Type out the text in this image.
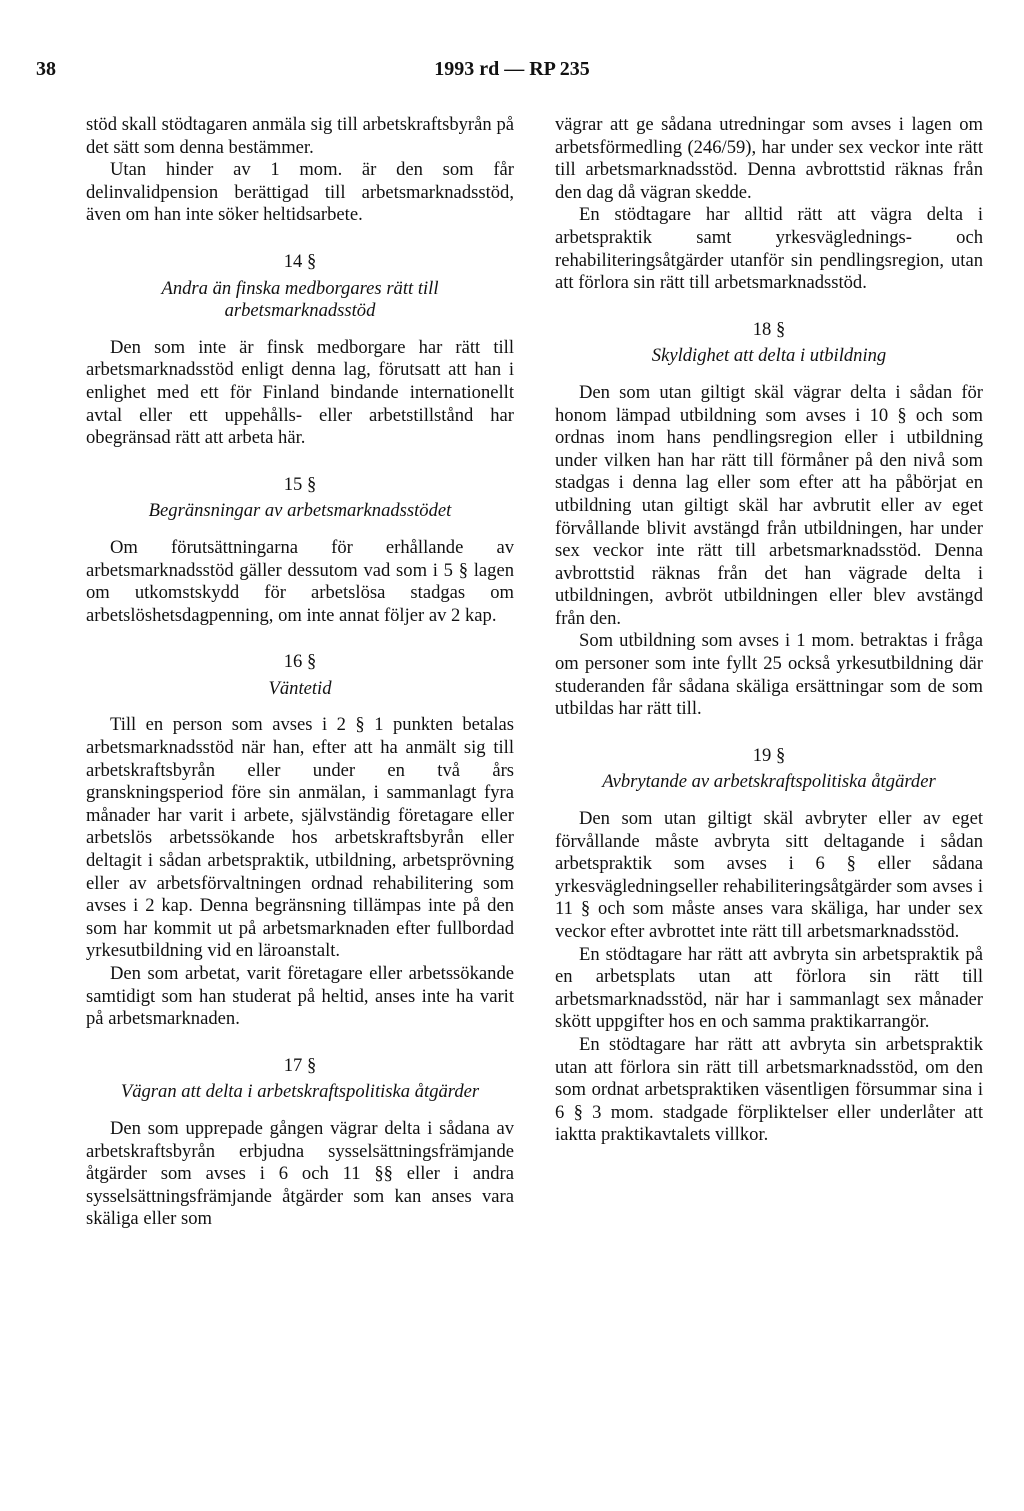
38	1993 rd — RP 235

stöd skall stödtagaren anmäla sig till arbetskraftsbyrån på det sätt som denna bestämmer.

Utan hinder av 1 mom. är den som får delinvalidpension berättigad till arbetsmarknadsstöd, även om han inte söker heltidsarbete.

14 §
Andra än finska medborgares rätt till arbetsmarknadsstöd

Den som inte är finsk medborgare har rätt till arbetsmarknadsstöd enligt denna lag, förutsatt att han i enlighet med ett för Finland bindande internationellt avtal eller ett uppehålls- eller arbetstillstånd har obegränsad rätt att arbeta här.

15 §
Begränsningar av arbetsmarknadsstödet

Om förutsättningarna för erhållande av arbetsmarknadsstöd gäller dessutom vad som i 5 § lagen om utkomstskydd för arbetslösa stadgas om arbetslöshetsdagpenning, om inte annat följer av 2 kap.

16 §
Väntetid

Till en person som avses i 2 § 1 punkten betalas arbetsmarknadsstöd när han, efter att ha anmält sig till arbetskraftsbyrån eller under en två års granskningsperiod före sin anmälan, i sammanlagt fyra månader har varit i arbete, självständig företagare eller arbetslös arbetssökande hos arbetskraftsbyrån eller deltagit i sådan arbetspraktik, utbildning, arbetsprövning eller av arbetsförvaltningen ordnad rehabilitering som avses i 2 kap. Denna begränsning tillämpas inte på den som har kommit ut på arbetsmarknaden efter fullbordad yrkesutbildning vid en läroanstalt.

Den som arbetat, varit företagare eller arbetssökande samtidigt som han studerat på heltid, anses inte ha varit på arbetsmarknaden.

17 §
Vägran att delta i arbetskraftspolitiska åtgärder

Den som upprepade gången vägrar delta i sådana av arbetskraftsbyrån erbjudna sysselsättningsfrämjande åtgärder som avses i 6 och 11 §§ eller i andra sysselsättningsfrämjande åtgärder som kan anses vara skäliga eller som

vägrar att ge sådana utredningar som avses i lagen om arbetsförmedling (246/59), har under sex veckor inte rätt till arbetsmarknadsstöd. Denna avbrottstid räknas från den dag då vägran skedde.

En stödtagare har alltid rätt att vägra delta i arbetspraktik samt yrkesväglednings- och rehabiliteringsåtgärder utanför sin pendlingsregion, utan att förlora sin rätt till arbetsmarknadsstöd.

18 §
Skyldighet att delta i utbildning

Den som utan giltigt skäl vägrar delta i sådan för honom lämpad utbildning som avses i 10 § och som ordnas inom hans pendlingsregion eller i utbildning under vilken han har rätt till förmåner på den nivå som stadgas i denna lag eller som efter att ha påbörjat en utbildning utan giltigt skäl har avbrutit eller av eget förvållande blivit avstängd från utbildningen, har under sex veckor inte rätt till arbetsmarknadsstöd. Denna avbrottstid räknas från det han vägrade delta i utbildningen, avbröt utbildningen eller blev avstängd från den.

Som utbildning som avses i 1 mom. betraktas i fråga om personer som inte fyllt 25 också yrkesutbildning där studeranden får sådana skäliga ersättningar som de som utbildas har rätt till.

19 §
Avbrytande av arbetskraftspolitiska åtgärder

Den som utan giltigt skäl avbryter eller av eget förvållande måste avbryta sitt deltagande i sådan arbetspraktik som avses i 6 § eller sådana yrkesvägledningseller rehabiliteringsåtgärder som avses i 11 § och som måste anses vara skäliga, har under sex veckor efter avbrottet inte rätt till arbetsmarknadsstöd.

En stödtagare har rätt att avbryta sin arbetspraktik på en arbetsplats utan att förlora sin rätt till arbetsmarknadsstöd, när har i sammanlagt sex månader skött uppgifter hos en och samma praktikarrangör.

En stödtagare har rätt att avbryta sin arbetspraktik utan att förlora sin rätt till arbetsmarknadsstöd, om den som ordnat arbetspraktiken väsentligen försummar sina i 6 § 3 mom. stadgade förpliktelser eller underlåter att iaktta praktikavtalets villkor.
